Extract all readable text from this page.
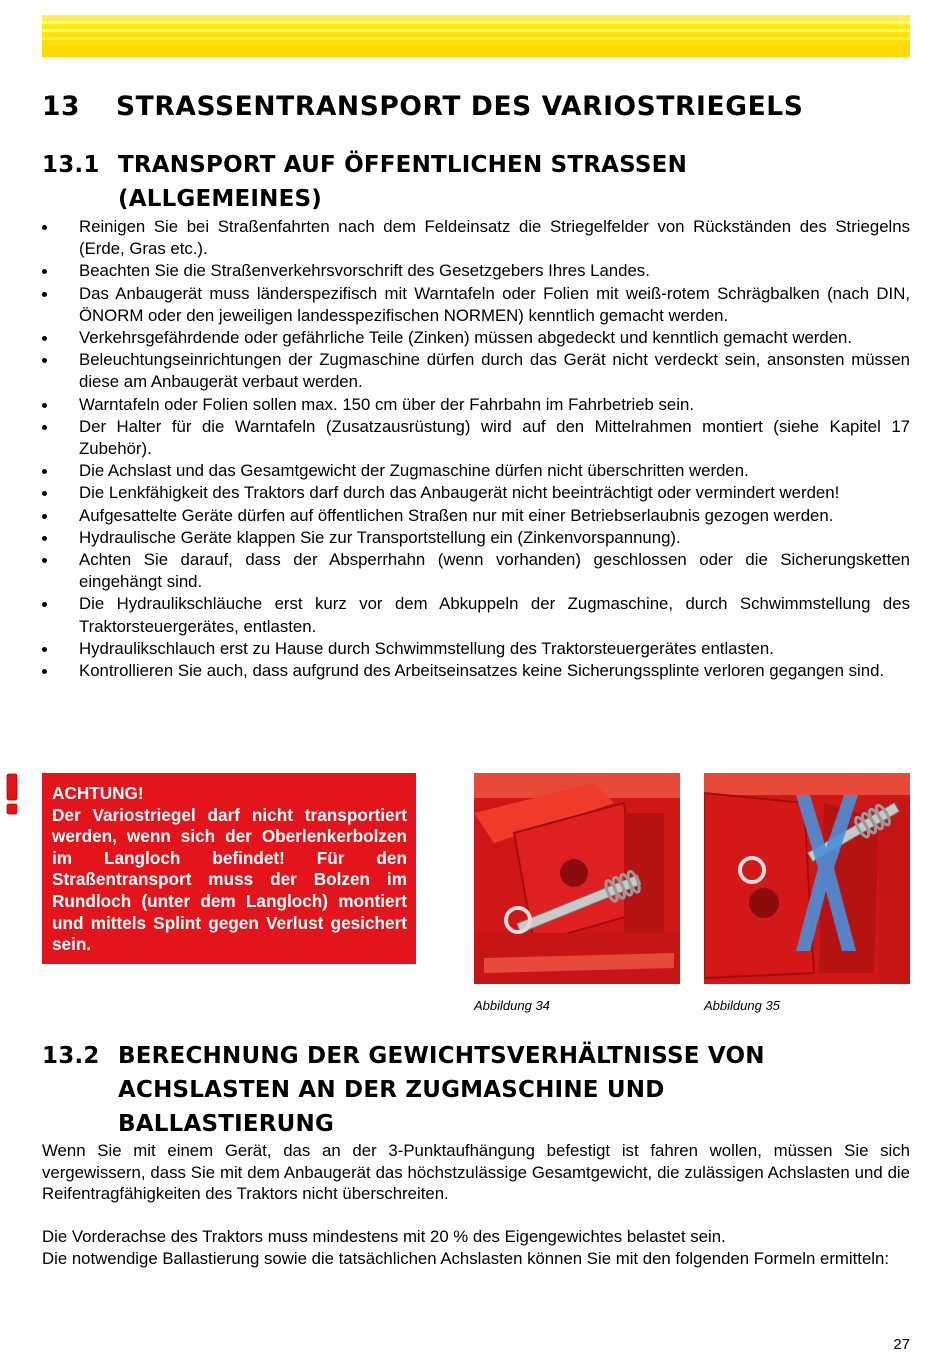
13 STRASSENTRANSPORT DES VARIOSTRIEGELS
13.1 TRANSPORT AUF ÖFFENTLICHEN STRASSEN (ALLGEMEINES)
Reinigen Sie bei Straßenfahrten nach dem Feldeinsatz die Striegelfelder von Rückständen des Striegelns (Erde, Gras etc.).
Beachten Sie die Straßenverkehrsvorschrift des Gesetzgebers Ihres Landes.
Das Anbaugerät muss länderspezifisch mit Warntafeln oder Folien mit weiß-rotem Schrägbalken (nach DIN, ÖNORM oder den jeweiligen landesspezifischen NORMEN) kenntlich gemacht werden.
Verkehrsgefährdende oder gefährliche Teile (Zinken) müssen abgedeckt und kenntlich gemacht werden.
Beleuchtungseinrichtungen der Zugmaschine dürfen durch das Gerät nicht verdeckt sein, ansonsten müssen diese am Anbaugerät verbaut werden.
Warntafeln oder Folien sollen max. 150 cm über der Fahrbahn im Fahrbetrieb sein.
Der Halter für die Warntafeln (Zusatzausrüstung) wird auf den Mittelrahmen montiert (siehe Kapitel 17 Zubehör).
Die Achslast und das Gesamtgewicht der Zugmaschine dürfen nicht überschritten werden.
Die Lenkfähigkeit des Traktors darf durch das Anbaugerät nicht beeinträchtigt oder vermindert werden!
Aufgesattelte Geräte dürfen auf öffentlichen Straßen nur mit einer Betriebserlaubnis gezogen werden.
Hydraulische Geräte klappen Sie zur Transportstellung ein (Zinkenvorspannung).
Achten Sie darauf, dass der Absperrhahn (wenn vorhanden) geschlossen oder die Sicherungsketten eingehängt sind.
Die Hydraulikschläuche erst kurz vor dem Abkuppeln der Zugmaschine, durch Schwimmstellung des Traktorsteuergerätes, entlasten.
Hydraulikschlauch erst zu Hause durch Schwimmstellung des Traktorsteuergerätes entlasten.
Kontrollieren Sie auch, dass aufgrund des Arbeitseinsatzes keine Sicherungssplinte verloren gegangen sind.
ACHTUNG!
Der Variostriegel darf nicht transportiert werden, wenn sich der Oberlenkerbolzen im Langloch befindet! Für den Straßentransport muss der Bolzen im Rundloch (unter dem Langloch) montiert und mittels Splint gegen Verlust gesichert sein.
Abbildung 34	Abbildung 35
13.2 BERECHNUNG DER GEWICHTSVERHÄLTNISSE VON ACHSLASTEN AN DER ZUGMASCHINE UND BALLASTIERUNG

Wenn Sie mit einem Gerät, das an der 3-Punktaufhängung befestigt ist fahren wollen, müssen Sie sich vergewissern, dass Sie mit dem Anbaugerät das höchstzulässige Gesamtgewicht, die zulässigen Achslasten und die Reifentragfähigkeiten des Traktors nicht überschreiten.

Die Vorderachse des Traktors muss mindestens mit 20 % des Eigengewichtes belastet sein.

Die notwendige Ballastierung sowie die tatsächlichen Achslasten können Sie mit den folgenden Formeln ermitteln:

27
